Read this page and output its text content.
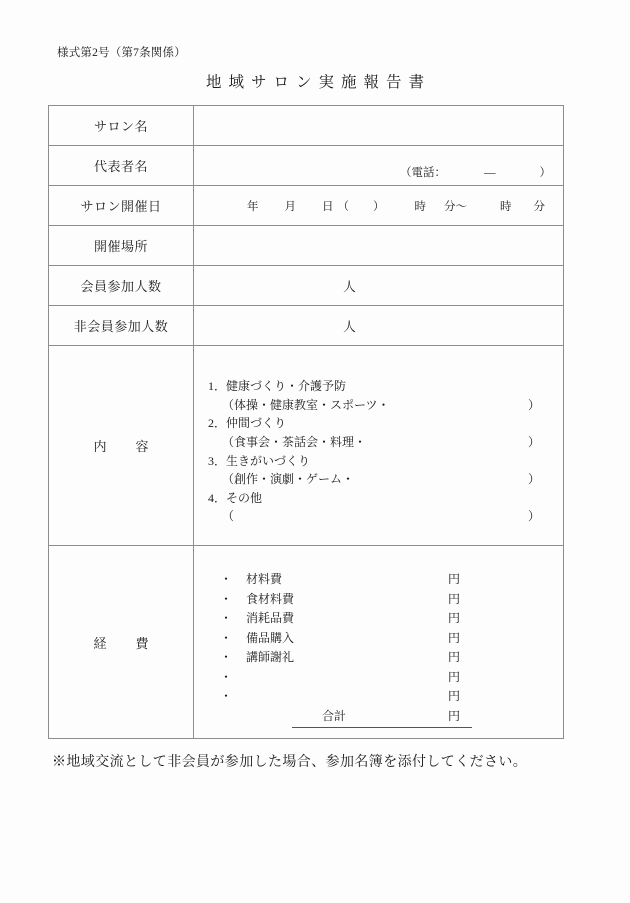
様式第2号（第7条関係）
地域サロン実施報告書
サロン名	
代表者名	（電話： ― ）

サロン開催日	年 月 日 （ ） 時 分～ 時 分

開催場所	
会員参加人数	人

非会員参加人数	人

内　容	
1．健康づくり・介護予防
（体操・健康教室・スポーツ・	）
2．仲間づくり
（食事会・茶話会・料理・	）
3．生きがいづくり
（創作・演劇・ゲーム・	）
4．その他
（	）

経　費	
・ 材料費	円
・ 食材料費	円
・ 消耗品費	円
・ 備品購入	円
・ 講師謝礼	円
・	円
・	円
合計	円
※地域交流として非会員が参加した場合、参加名簿を添付してください。
